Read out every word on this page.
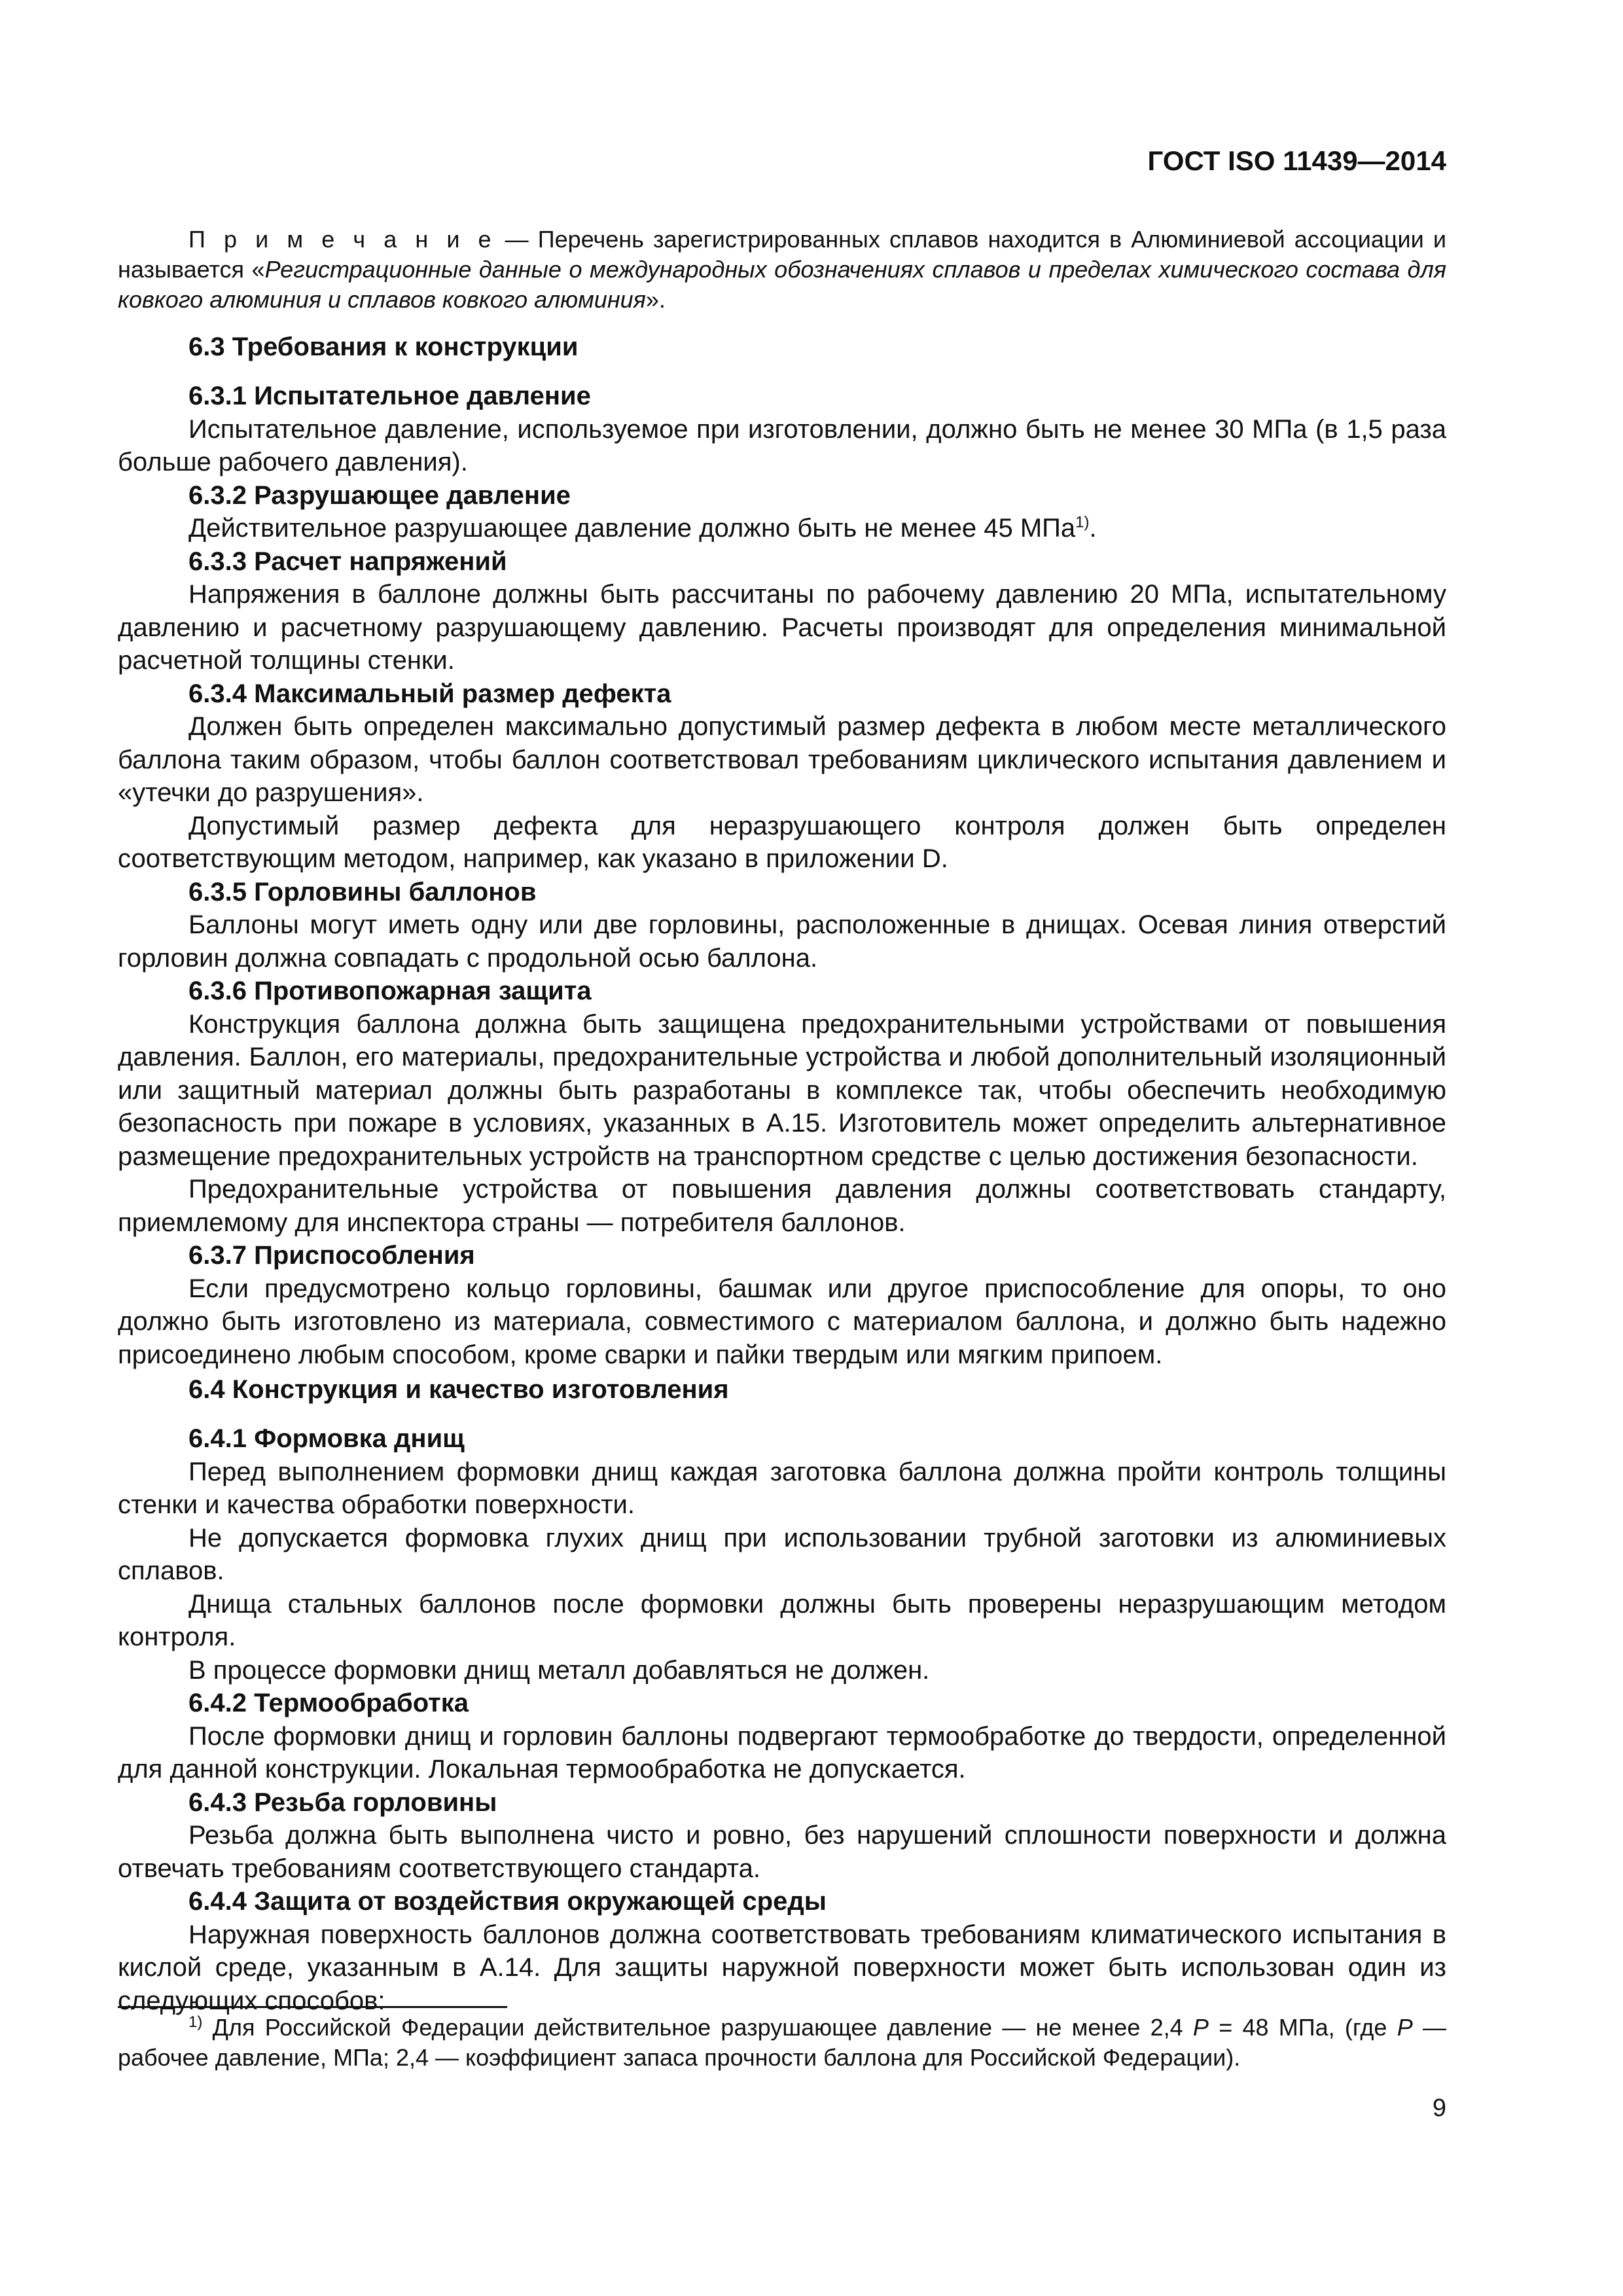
ГОСТ ISO 11439—2014

П р и м е ч а н и е — Перечень зарегистрированных сплавов находится в Алюминиевой ассоциации и называется «Регистрационные данные о международных обозначениях сплавов и пределах химического состава для ковкого алюминия и сплавов ковкого алюминия».

6.3 Требования к конструкции
6.3.1 Испытательное давление

Испытательное давление, используемое при изготовлении, должно быть не менее 30 МПа (в 1,5 раза больше рабочего давления).

6.3.2 Разрушающее давление

Действительное разрушающее давление должно быть не менее 45 МПа$^{1)}$.

6.3.3 Расчет напряжений

Напряжения в баллоне должны быть рассчитаны по рабочему давлению 20 МПа, испытательному давлению и расчетному разрушающему давлению. Расчеты производят для определения минимальной расчетной толщины стенки.

6.3.4 Максимальный размер дефекта

Должен быть определен максимально допустимый размер дефекта в любом месте металлического баллона таким образом, чтобы баллон соответствовал требованиям циклического испытания давлением и «утечки до разрушения».

Допустимый размер дефекта для неразрушающего контроля должен быть определен соответствующим методом, например, как указано в приложении D.

6.3.5 Горловины баллонов

Баллоны могут иметь одну или две горловины, расположенные в днищах. Осевая линия отверстий горловин должна совпадать с продольной осью баллона.

6.3.6 Противопожарная защита

Конструкция баллона должна быть защищена предохранительными устройствами от повышения давления. Баллон, его материалы, предохранительные устройства и любой дополнительный изоляционный или защитный материал должны быть разработаны в комплексе так, чтобы обеспечить необходимую безопасность при пожаре в условиях, указанных в А.15. Изготовитель может определить альтернативное размещение предохранительных устройств на транспортном средстве с целью достижения безопасности.

Предохранительные устройства от повышения давления должны соответствовать стандарту, приемлемому для инспектора страны — потребителя баллонов.

6.3.7 Приспособления

Если предусмотрено кольцо горловины, башмак или другое приспособление для опоры, то оно должно быть изготовлено из материала, совместимого с материалом баллона, и должно быть надежно присоединено любым способом, кроме сварки и пайки твердым или мягким припоем.

6.4 Конструкция и качество изготовления
6.4.1 Формовка днищ

Перед выполнением формовки днищ каждая заготовка баллона должна пройти контроль толщины стенки и качества обработки поверхности.

Не допускается формовка глухих днищ при использовании трубной заготовки из алюминиевых сплавов.

Днища стальных баллонов после формовки должны быть проверены неразрушающим методом контроля.

В процессе формовки днищ металл добавляться не должен.

6.4.2 Термообработка

После формовки днищ и горловин баллоны подвергают термообработке до твердости, определенной для данной конструкции. Локальная термообработка не допускается.

6.4.3 Резьба горловины

Резьба должна быть выполнена чисто и ровно, без нарушений сплошности поверхности и должна отвечать требованиям соответствующего стандарта.

6.4.4 Защита от воздействия окружающей среды

Наружная поверхность баллонов должна соответствовать требованиям климатического испытания в кислой среде, указанным в А.14. Для защиты наружной поверхности может быть использован один из следующих способов:

$^{1)}$ Для Российской Федерации действительное разрушающее давление — не менее 2,4 P = 48 МПа, (где P — рабочее давление, МПа; 2,4 — коэффициент запаса прочности баллона для Российской Федерации).

9
